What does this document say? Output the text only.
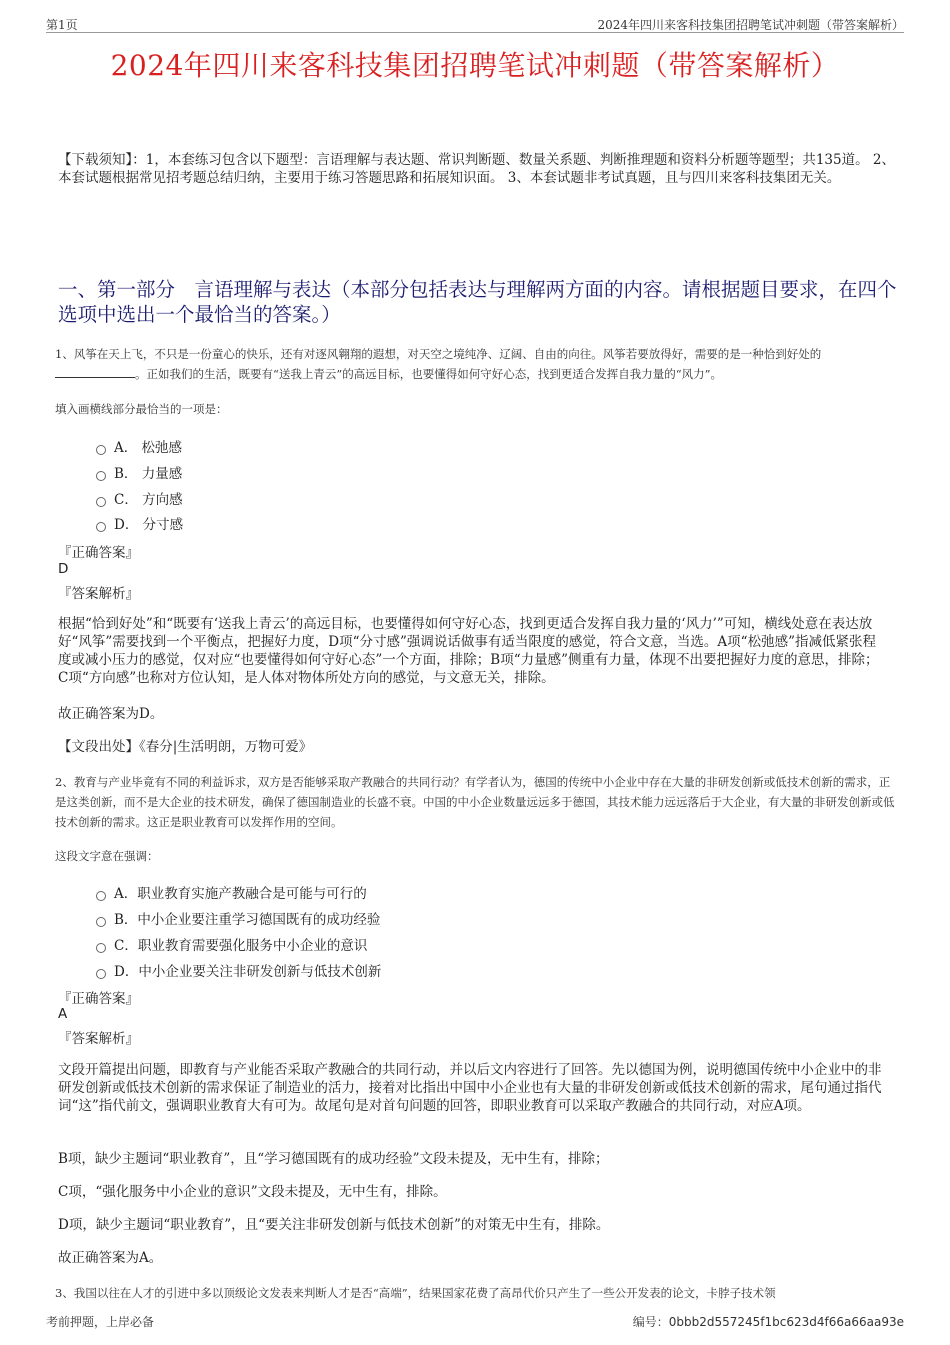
第1页	2024年四川来客科技集团招聘笔试冲刺题（带答案解析）
2024年四川来客科技集团招聘笔试冲刺题（带答案解析）
【下载须知】：1，本套练习包含以下题型：言语理解与表达题、常识判断题、数量关系题、判断推理题和资料分析题等题型；共135道。 2、本套试题根据常见招考题总结归纳，主要用于练习答题思路和拓展知识面。 3、本套试题非考试真题，且与四川来客科技集团无关。
一、第一部分　言语理解与表达（本部分包括表达与理解两方面的内容。请根据题目要求，在四个选项中选出一个最恰当的答案。）
1、风筝在天上飞，不只是一份童心的快乐，还有对逐风翱翔的遐想，对天空之境纯净、辽阔、自由的向往。风筝若要放得好，需要的是一种恰到好处的 。正如我们的生活，既要有“送我上青云”的高远目标，也要懂得如何守好心态，找到更适合发挥自我力量的“风力”。
填入画横线部分最恰当的一项是：
A． 松弛感
B． 力量感
C． 方向感
D． 分寸感
『正确答案』
D
『答案解析』
根据“恰到好处”和“既要有‘送我上青云’的高远目标，也要懂得如何守好心态，找到更适合发挥自我力量的‘风力’”可知，横线处意在表达放好“风筝”需要找到一个平衡点，把握好力度，D项“分寸感”强调说话做事有适当限度的感觉，符合文意，当选。A项“松弛感”指减低紧张程度或减小压力的感觉，仅对应“也要懂得如何守好心态”一个方面，排除；B项“力量感”侧重有力量，体现不出要把握好力度的意思，排除；C项“方向感”也称对方位认知，是人体对物体所处方向的感觉，与文意无关，排除。
故正确答案为D。
【文段出处】《春分|生活明朗，万物可爱》
2、教育与产业毕竟有不同的利益诉求，双方是否能够采取产教融合的共同行动？有学者认为，德国的传统中小企业中存在大量的非研发创新或低技术创新的需求，正是这类创新，而不是大企业的技术研发，确保了德国制造业的长盛不衰。中国的中小企业数量远远多于德国，其技术能力远远落后于大企业，有大量的非研发创新或低技术创新的需求。这正是职业教育可以发挥作用的空间。
这段文字意在强调：
A．职业教育实施产教融合是可能与可行的
B．中小企业要注重学习德国既有的成功经验
C．职业教育需要强化服务中小企业的意识
D．中小企业要关注非研发创新与低技术创新
『正确答案』
A
『答案解析』
文段开篇提出问题，即教育与产业能否采取产教融合的共同行动，并以后文内容进行了回答。先以德国为例，说明德国传统中小企业中的非研发创新或低技术创新的需求保证了制造业的活力，接着对比指出中国中小企业也有大量的非研发创新或低技术创新的需求，尾句通过指代词“这”指代前文，强调职业教育大有可为。故尾句是对首句问题的回答，即职业教育可以采取产教融合的共同行动，对应A项。
B项，缺少主题词“职业教育”，且“学习德国既有的成功经验”文段未提及，无中生有，排除；
C项，“强化服务中小企业的意识”文段未提及，无中生有，排除。
D项，缺少主题词“职业教育”，且“要关注非研发创新与低技术创新”的对策无中生有，排除。
故正确答案为A。
3、我国以往在人才的引进中多以顶级论文发表来判断人才是否“高端”，结果国家花费了高昂代价只产生了一些公开发表的论文，卡脖子技术领
考前押题，上岸必备	编号：0bbb2d557245f1bc623d4f66a66aa93e
